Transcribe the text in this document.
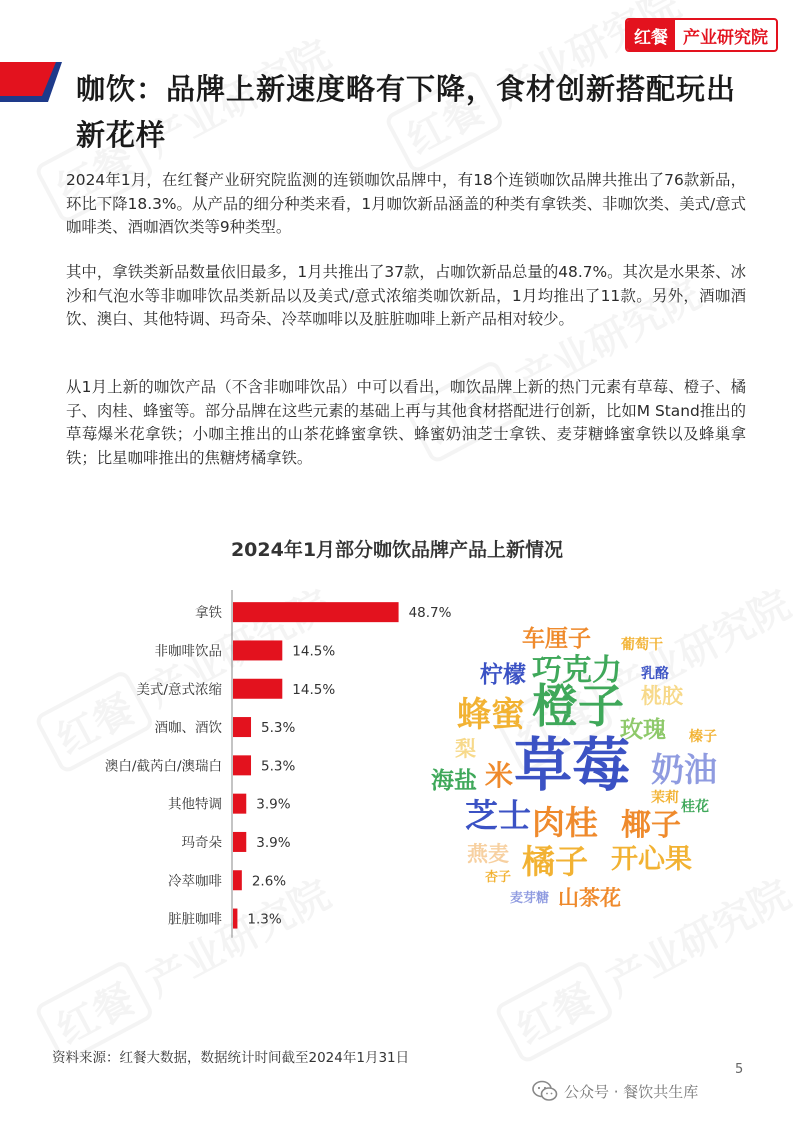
红餐 产业研究院
咖饮：品牌上新速度略有下降，食材创新搭配玩出新花样

2024年1月，在红餐产业研究院监测的连锁咖饮品牌中，有18个连锁咖饮品牌共推出了76款新品，环比下降18.3%。从产品的细分种类来看，1月咖饮新品涵盖的种类有拿铁类、非咖饮类、美式/意式咖啡类、酒咖酒饮类等9种类型。

其中，拿铁类新品数量依旧最多，1月共推出了37款，占咖饮新品总量的48.7%。其次是水果茶、冰沙和气泡水等非咖啡饮品类新品以及美式/意式浓缩类咖饮新品，1月均推出了11款。另外，酒咖酒饮、澳白、其他特调、玛奇朵、冷萃咖啡以及脏脏咖啡上新产品相对较少。

从1月上新的咖饮产品（不含非咖啡饮品）中可以看出，咖饮品牌上新的热门元素有草莓、橙子、橘子、肉桂、蜂蜜等。部分品牌在这些元素的基础上再与其他食材搭配进行创新，比如M Stand推出的草莓爆米花拿铁；小咖主推出的山茶花蜂蜜拿铁、蜂蜜奶油芝士拿铁、麦芽糖蜂蜜拿铁以及蜂巢拿铁；比星咖啡推出的焦糖烤橘拿铁。

2024年1月部分咖饮品牌产品上新情况
拿铁	48.7%
非咖啡饮品	14.5%
美式/意式浓缩	14.5%
酒咖、酒饮	5.3%
澳白/截芮白/澳瑞白	5.3%
其他特调	3.9%
玛奇朵	3.9%
冷萃咖啡 2.6%
脏脏咖啡 1.3%
草莓
橙子
蜂蜜
巧克力
肉桂
橘子 开心果
奶油
椰子
芝士
车厘子
柠檬
海盐 米
玫瑰
桃胶
燕麦
梨
山茶花
葡萄干
乳酪
榛子
茉莉
桂花
杏子
麦芽糖
资料来源：红餐大数据，数据统计时间截至2024年1月31日
5
公众号 · 餐饮共生库
